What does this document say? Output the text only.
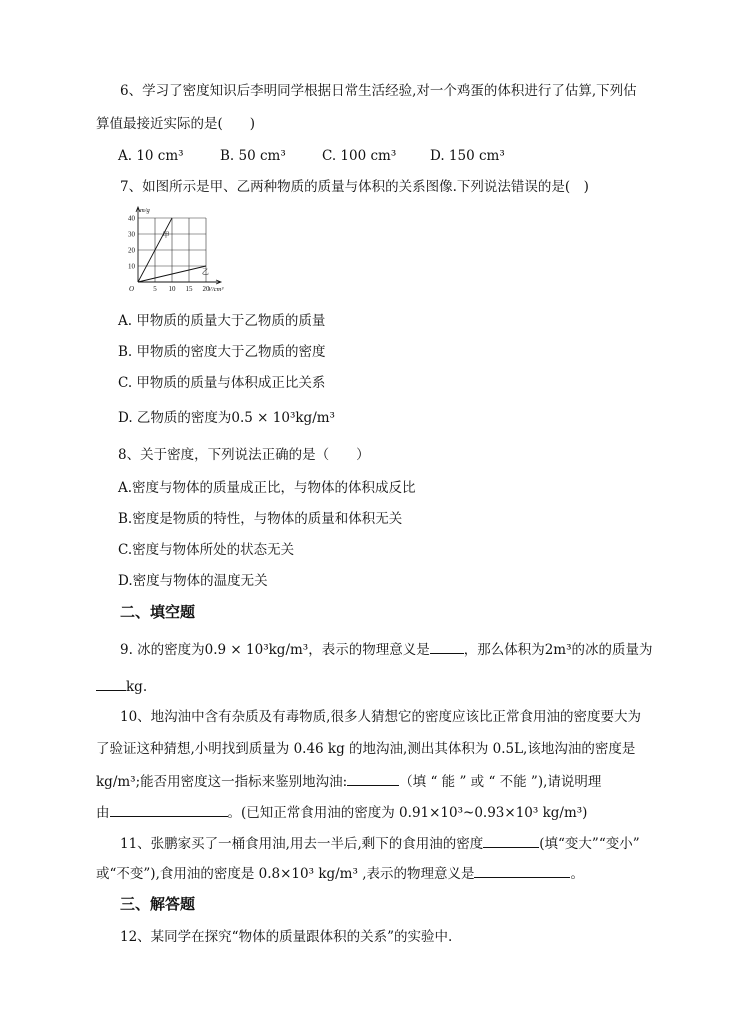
6、学习了密度知识后李明同学根据日常生活经验,对一个鸡蛋的体积进行了估算,下列估
算值最接近实际的是(　　)
A. 10 cm³	B. 50 cm³	C. 100 cm³ D. 150 cm³
7、如图所示是甲、乙两种物质的质量与体积的关系图像.下列说法错误的是(　)
甲
乙
10
20
30
40
5 10 15 20
O
m/g
V/cm³
A. 甲物质的质量大于乙物质的质量
B. 甲物质的密度大于乙物质的密度
C. 甲物质的质量与体积成正比关系
D. 乙物质的密度为0.5 × 10³kg/m³
8、关于密度，下列说法正确的是（　　）
A.密度与物体的质量成正比，与物体的体积成反比
B.密度是物质的特性，与物体的质量和体积无关
C.密度与物体所处的状态无关
D.密度与物体的温度无关
二、填空题
9. 冰的密度为0.9 × 10³kg/m³，表示的物理意义是	，那么体积为2m³的冰的质量为
kg.
10、地沟油中含有杂质及有毒物质,很多人猜想它的密度应该比正常食用油的密度要大为
了验证这种猜想,小明找到质量为 0.46 kg 的地沟油,测出其体积为 0.5L,该地沟油的密度是
kg/m³;能否用密度这一指标来鉴别地沟油:	（填 “ 能 ” 或 “ 不能 ”),请说明理
由	。(已知正常食用油的密度为 0.91×10³~0.93×10³ kg/m³)
11、张鹏家买了一桶食用油,用去一半后,剩下的食用油的密度	(填“变大”“变小”
或“不变”),食用油的密度是 0.8×10³ kg/m³ ,表示的物理意义是	。
三、解答题
12、某同学在探究“物体的质量跟体积的关系”的实验中.
